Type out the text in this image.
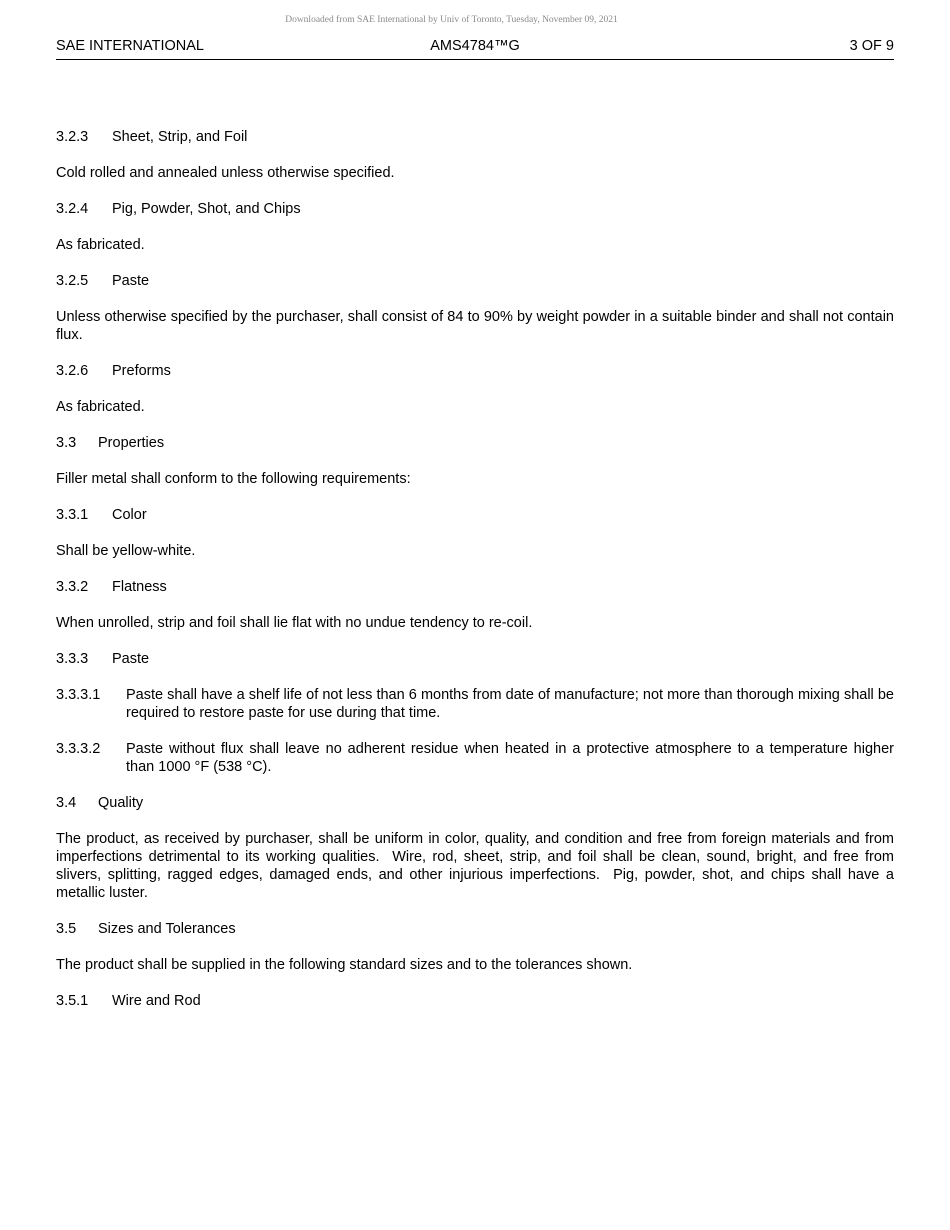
Downloaded from SAE International by Univ of Toronto, Tuesday, November 09, 2021
SAE INTERNATIONAL	AMS4784™G	3 OF 9
3.2.3 Sheet, Strip, and Foil

Cold rolled and annealed unless otherwise specified.

3.2.4 Pig, Powder, Shot, and Chips

As fabricated.

3.2.5 Paste

Unless otherwise specified by the purchaser, shall consist of 84 to 90% by weight powder in a suitable binder and shall not contain flux.

3.2.6 Preforms

As fabricated.

3.3 Properties

Filler metal shall conform to the following requirements:

3.3.1 Color

Shall be yellow-white.

3.3.2 Flatness

When unrolled, strip and foil shall lie flat with no undue tendency to re-coil.

3.3.3 Paste
3.3.3.1	Paste shall have a shelf life of not less than 6 months from date of manufacture; not more than thorough mixing shall be required to restore paste for use during that time.
3.3.3.2	Paste without flux shall leave no adherent residue when heated in a protective atmosphere to a temperature higher than 1000 °F (538 °C).
3.4 Quality

The product, as received by purchaser, shall be uniform in color, quality, and condition and free from foreign materials and from imperfections detrimental to its working qualities.  Wire, rod, sheet, strip, and foil shall be clean, sound, bright, and free from slivers, splitting, ragged edges, damaged ends, and other injurious imperfections.  Pig, powder, shot, and chips shall have a metallic luster.

3.5 Sizes and Tolerances

The product shall be supplied in the following standard sizes and to the tolerances shown.

3.5.1 Wire and Rod
